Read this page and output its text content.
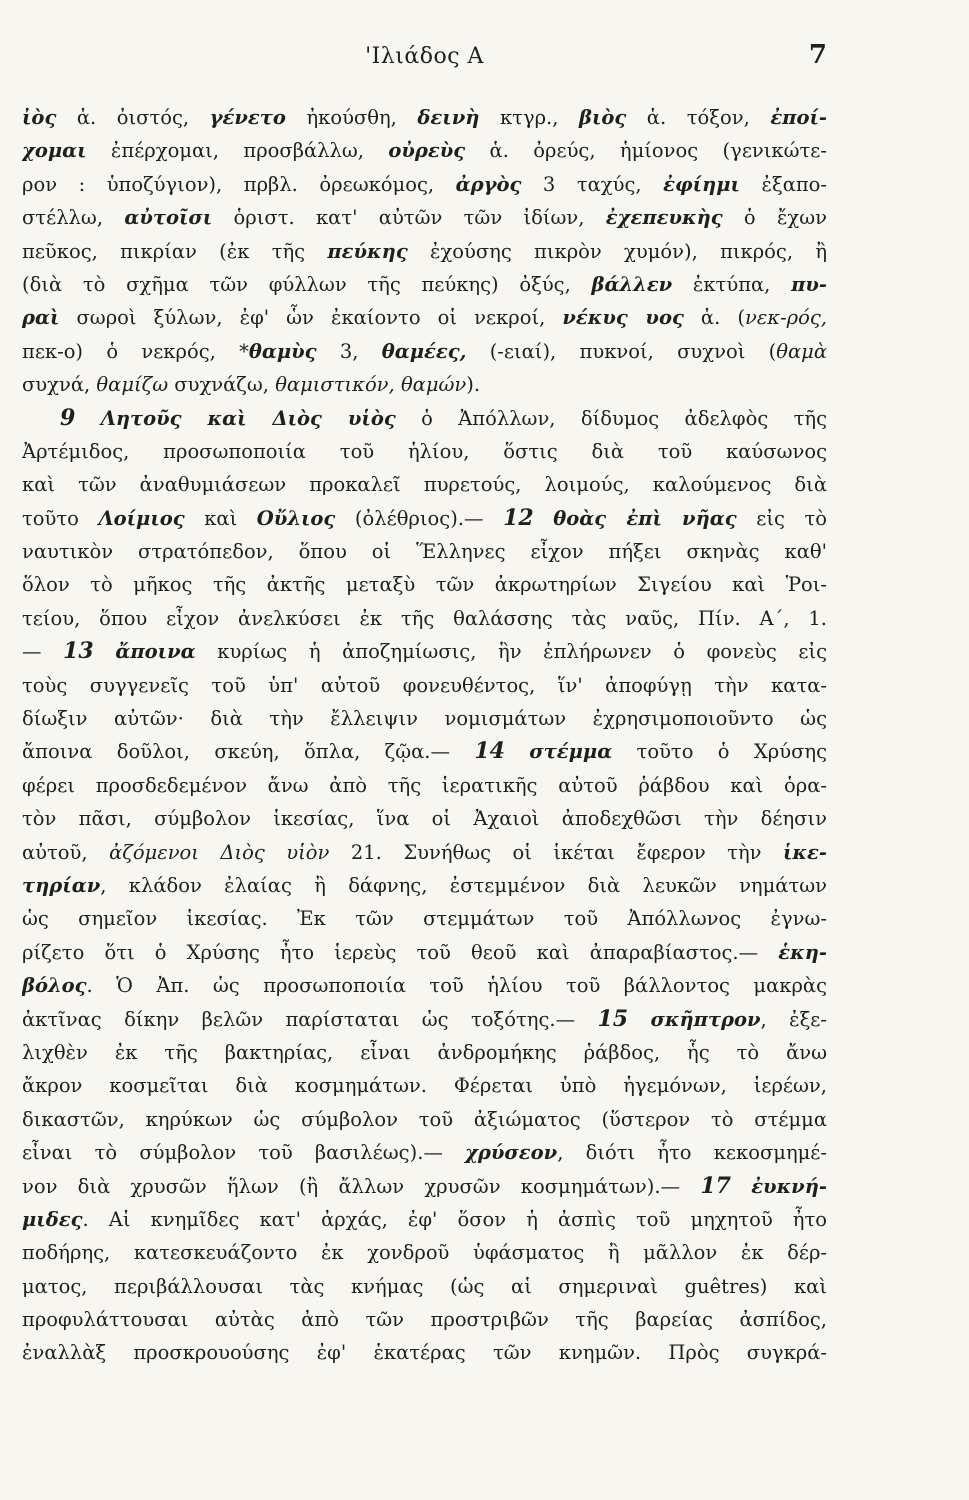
'Ιλιάδος Α	7
ἰὸς ἁ. ὀιστός, γένετο ἠκούσθη, δεινὴ κτγρ., βιὸς ἁ. τόξον, ἐποί-
χομαι ἐπέρχομαι, προσβάλλω, οὐρεὺς ἁ. ὀρεύς, ἡμίονος (γενικώτε-
ρον : ὑποζύγιον), πρβλ. ὀρεωκόμος, ἀργὸς 3 ταχύς, ἐφίημι ἐξαπο-
στέλλω, αὐτοῖσι ὁριστ. κατ' αὐτῶν τῶν ἰδίων, ἐχεπευκὴς ὁ ἔχων
πεῦκος, πικρίαν (ἐκ τῆς πεύκης ἐχούσης πικρὸν χυμόν), πικρός, ἢ
(διὰ τὸ σχῆμα τῶν φύλλων τῆς πεύκης) ὀξύς, βάλλεν ἐκτύπα, πυ-
ραὶ σωροὶ ξύλων, ἐφ' ὧν ἐκαίοντο οἱ νεκροί, νέκυς υος ἁ. (νεκ-ρός,
πεκ-ο) ὁ νεκρός, *θαμὺς 3, θαμέες, (-ειαί), πυκνοί, συχνοὶ (θαμὰ
συχνά, θαμίζω συχνάζω, θαμιστικόν, θαμών).
9 Λητοῦς καὶ Διὸς υἱὸς ὁ Ἀπόλλων, δίδυμος ἀδελφὸς τῆς
Ἀρτέμιδος, προσωποποιία τοῦ ἡλίου, ὅστις διὰ τοῦ καύσωνος
καὶ τῶν ἀναθυμιάσεων προκαλεῖ πυρετούς, λοιμούς, καλούμενος διὰ
τοῦτο Λοίμιος καὶ Οὔλιος (ὀλέθριος).— 12 θοὰς ἐπὶ νῆας εἰς τὸ
ναυτικὸν στρατόπεδον, ὅπου οἱ Ἕλληνες εἶχον πήξει σκηνὰς καθ'
ὅλον τὸ μῆκος τῆς ἀκτῆς μεταξὺ τῶν ἀκρωτηρίων Σιγείου καὶ Ῥοι-
τείου, ὅπου εἶχον ἀνελκύσει ἐκ τῆς θαλάσσης τὰς ναῦς, Πίν. Α΄, 1.
— 13 ἄποινα κυρίως ἡ ἀποζημίωσις, ἣν ἐπλήρωνεν ὁ φονεὺς εἰς
τοὺς συγγενεῖς τοῦ ὑπ' αὐτοῦ φονευθέντος, ἵν' ἀποφύγῃ τὴν κατα-
δίωξιν αὐτῶν· διὰ τὴν ἔλλειψιν νομισμάτων ἐχρησιμοποιοῦντο ὡς
ἄποινα δοῦλοι, σκεύη, ὅπλα, ζῷα.— 14 στέμμα τοῦτο ὁ Χρύσης
φέρει προσδεδεμένον ἄνω ἀπὸ τῆς ἱερατικῆς αὐτοῦ ῥάβδου καὶ ὁρα-
τὸν πᾶσι, σύμβολον ἱκεσίας, ἵνα οἱ Ἀχαιοὶ ἀποδεχθῶσι τὴν δέησιν
αὐτοῦ, ἀζόμενοι Διὸς υἱὸν 21. Συνήθως οἱ ἱκέται ἔφερον τὴν ἱκε-
τηρίαν, κλάδον ἐλαίας ἢ δάφνης, ἐστεμμένον διὰ λευκῶν νημάτων
ὡς σημεῖον ἱκεσίας. Ἐκ τῶν στεμμάτων τοῦ Ἀπόλλωνος ἐγνω-
ρίζετο ὅτι ὁ Χρύσης ἦτο ἱερεὺς τοῦ θεοῦ καὶ ἀπαραβίαστος.— ἑκη-
βόλος. Ὁ Ἀπ. ὡς προσωποποιία τοῦ ἡλίου τοῦ βάλλοντος μακρὰς
ἀκτῖνας δίκην βελῶν παρίσταται ὡς τοξότης.— 15 σκῆπτρον, ἐξε-
λιχθὲν ἐκ τῆς βακτηρίας, εἶναι ἀνδρομήκης ῥάβδος, ἧς τὸ ἄνω
ἄκρον κοσμεῖται διὰ κοσμημάτων. Φέρεται ὑπὸ ἡγεμόνων, ἱερέων,
δικαστῶν, κηρύκων ὡς σύμβολον τοῦ ἀξιώματος (ὕστερον τὸ στέμμα
εἶναι τὸ σύμβολον τοῦ βασιλέως).— χρύσεον, διότι ἦτο κεκοσμημέ-
νον διὰ χρυσῶν ἥλων (ἢ ἄλλων χρυσῶν κοσμημάτων).— 17 ἐυκνή-
μιδες. Αἱ κνημῖδες κατ' ἀρχάς, ἐφ' ὅσον ἡ ἀσπὶς τοῦ μηχητοῦ ἦτο
ποδήρης, κατεσκευάζοντο ἐκ χονδροῦ ὑφάσματος ἢ μᾶλλον ἐκ δέρ-
ματος, περιβάλλουσαι τὰς κνήμας (ὡς αἱ σημεριναὶ guêtres) καὶ
προφυλάττουσαι αὐτὰς ἀπὸ τῶν προστριβῶν τῆς βαρείας ἀσπίδος,
ἐναλλὰξ προσκρουούσης ἐφ' ἑκατέρας τῶν κνημῶν. Πρὸς συγκρά-
